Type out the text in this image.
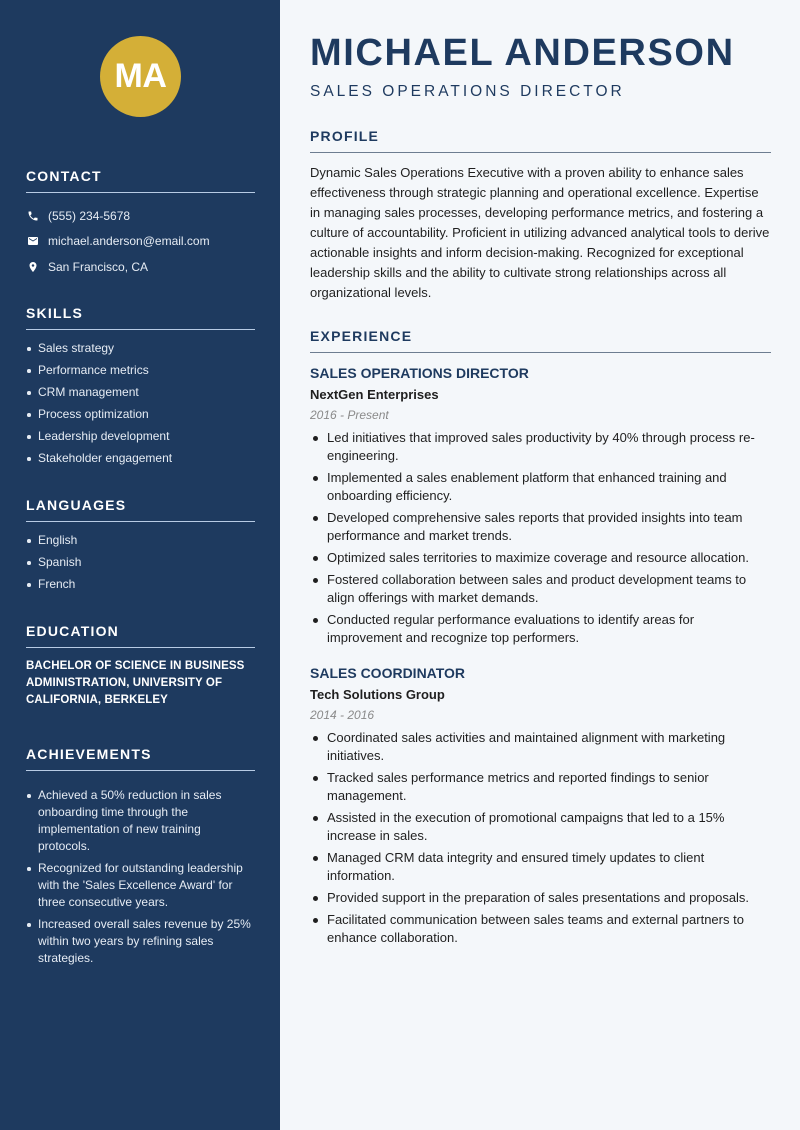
MA
CONTACT
(555) 234-5678
michael.anderson@email.com
San Francisco, CA
SKILLS
Sales strategy
Performance metrics
CRM management
Process optimization
Leadership development
Stakeholder engagement
LANGUAGES
English
Spanish
French
EDUCATION

BACHELOR OF SCIENCE IN BUSINESS ADMINISTRATION, UNIVERSITY OF CALIFORNIA, BERKELEY

ACHIEVEMENTS
Achieved a 50% reduction in sales onboarding time through the implementation of new training protocols.
Recognized for outstanding leadership with the 'Sales Excellence Award' for three consecutive years.
Increased overall sales revenue by 25% within two years by refining sales strategies.
MICHAEL ANDERSON
SALES OPERATIONS DIRECTOR
PROFILE

Dynamic Sales Operations Executive with a proven ability to enhance sales effectiveness through strategic planning and operational excellence. Expertise in managing sales processes, developing performance metrics, and fostering a culture of accountability. Proficient in utilizing advanced analytical tools to derive actionable insights and inform decision-making. Recognized for exceptional leadership skills and the ability to cultivate strong relationships across all organizational levels.

EXPERIENCE
SALES OPERATIONS DIRECTOR
NextGen Enterprises
2016 - Present
Led initiatives that improved sales productivity by 40% through process re-engineering.
Implemented a sales enablement platform that enhanced training and onboarding efficiency.
Developed comprehensive sales reports that provided insights into team performance and market trends.
Optimized sales territories to maximize coverage and resource allocation.
Fostered collaboration between sales and product development teams to align offerings with market demands.
Conducted regular performance evaluations to identify areas for improvement and recognize top performers.
SALES COORDINATOR
Tech Solutions Group
2014 - 2016
Coordinated sales activities and maintained alignment with marketing initiatives.
Tracked sales performance metrics and reported findings to senior management.
Assisted in the execution of promotional campaigns that led to a 15% increase in sales.
Managed CRM data integrity and ensured timely updates to client information.
Provided support in the preparation of sales presentations and proposals.
Facilitated communication between sales teams and external partners to enhance collaboration.
